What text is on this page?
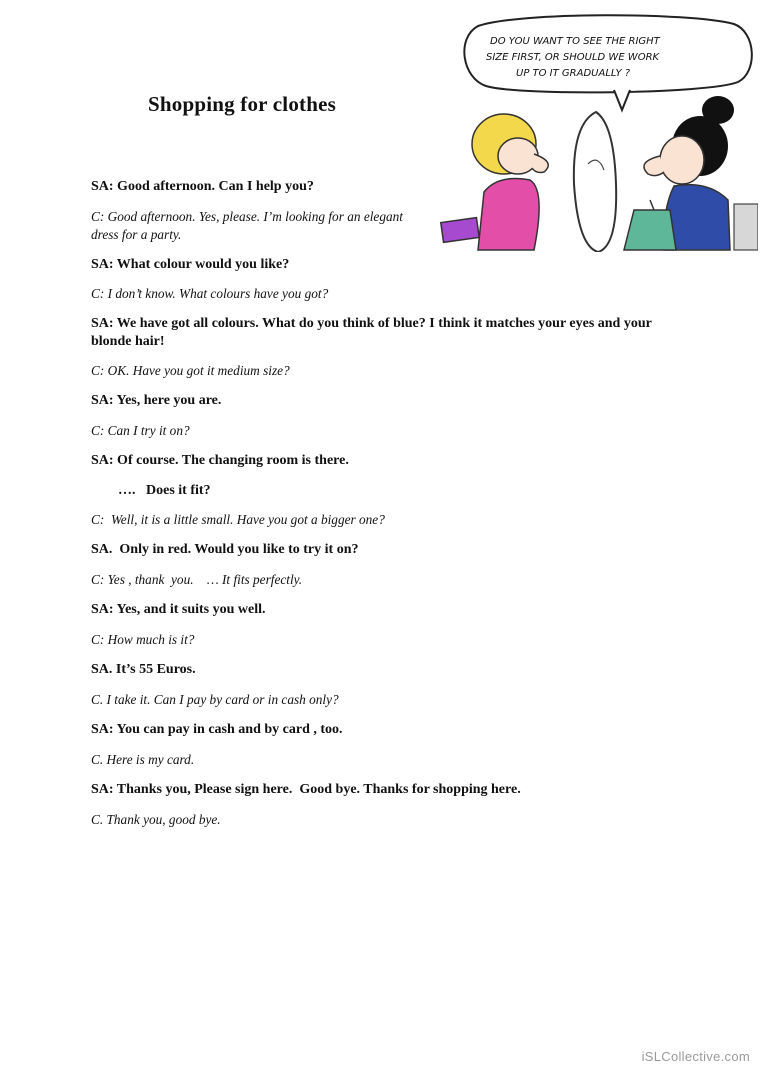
Shopping for clothes
DO YOU WANT TO SEE THE RIGHT
SIZE FIRST, OR SHOULD WE WORK
UP TO IT GRADUALLY ?
SA: Good afternoon. Can I help you?
C: Good afternoon. Yes, please. I’m looking for an elegant dress for a party.
SA: What colour would you like?
C: I don’t know. What colours have you got?
SA: We have got all colours. What do you think of blue? I think it matches your eyes and your blonde hair!
C: OK. Have you got it medium size?
SA: Yes, here you are.
C: Can I try it on?
SA: Of course. The changing room is there.
….   Does it fit?
C:  Well, it is a little small. Have you got a bigger one?
SA.  Only in red. Would you like to try it on?
C: Yes , thank  you.    … It fits perfectly.
SA: Yes, and it suits you well.
C: How much is it?
SA. It’s 55 Euros.
C. I take it. Can I pay by card or in cash only?
SA: You can pay in cash and by card , too.
C. Here is my card.
SA: Thanks you, Please sign here.  Good bye. Thanks for shopping here.
C. Thank you, good bye.
iSLCollective.com
